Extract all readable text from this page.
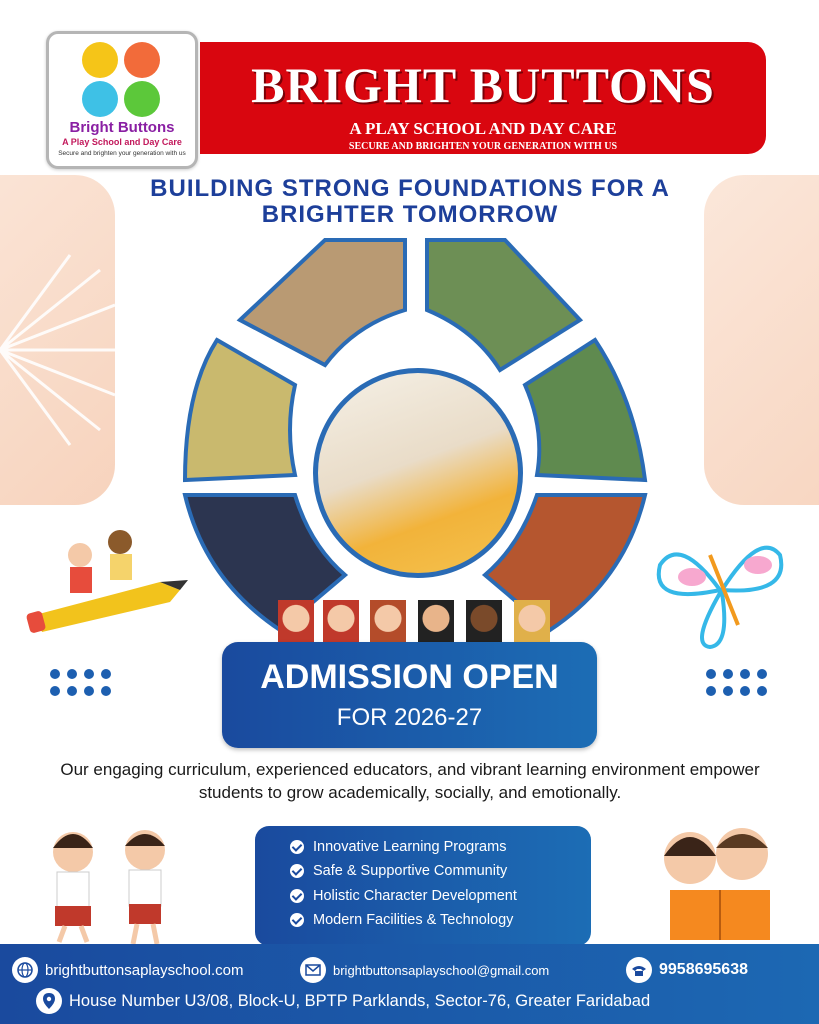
Bright Buttons
A Play School and Day Care
Secure and brighten your generation with us
BRIGHT BUTTONS
A PLAY SCHOOL AND DAY CARE
SECURE AND BRIGHTEN YOUR GENERATION WITH US
BUILDING STRONG FOUNDATIONS FOR A BRIGHTER TOMORROW
ADMISSION OPEN
FOR 2026-27
Our engaging curriculum, experienced educators, and vibrant learning environment empower students to grow academically, socially, and emotionally.
Innovative Learning Programs
Safe & Supportive Community
Holistic Character Development
Modern Facilities & Technology
brightbuttonsaplayschool.com	brightbuttonsaplayschool@gmail.com	9958695638
House Number U3/08, Block-U, BPTP Parklands, Sector-76, Greater Faridabad
